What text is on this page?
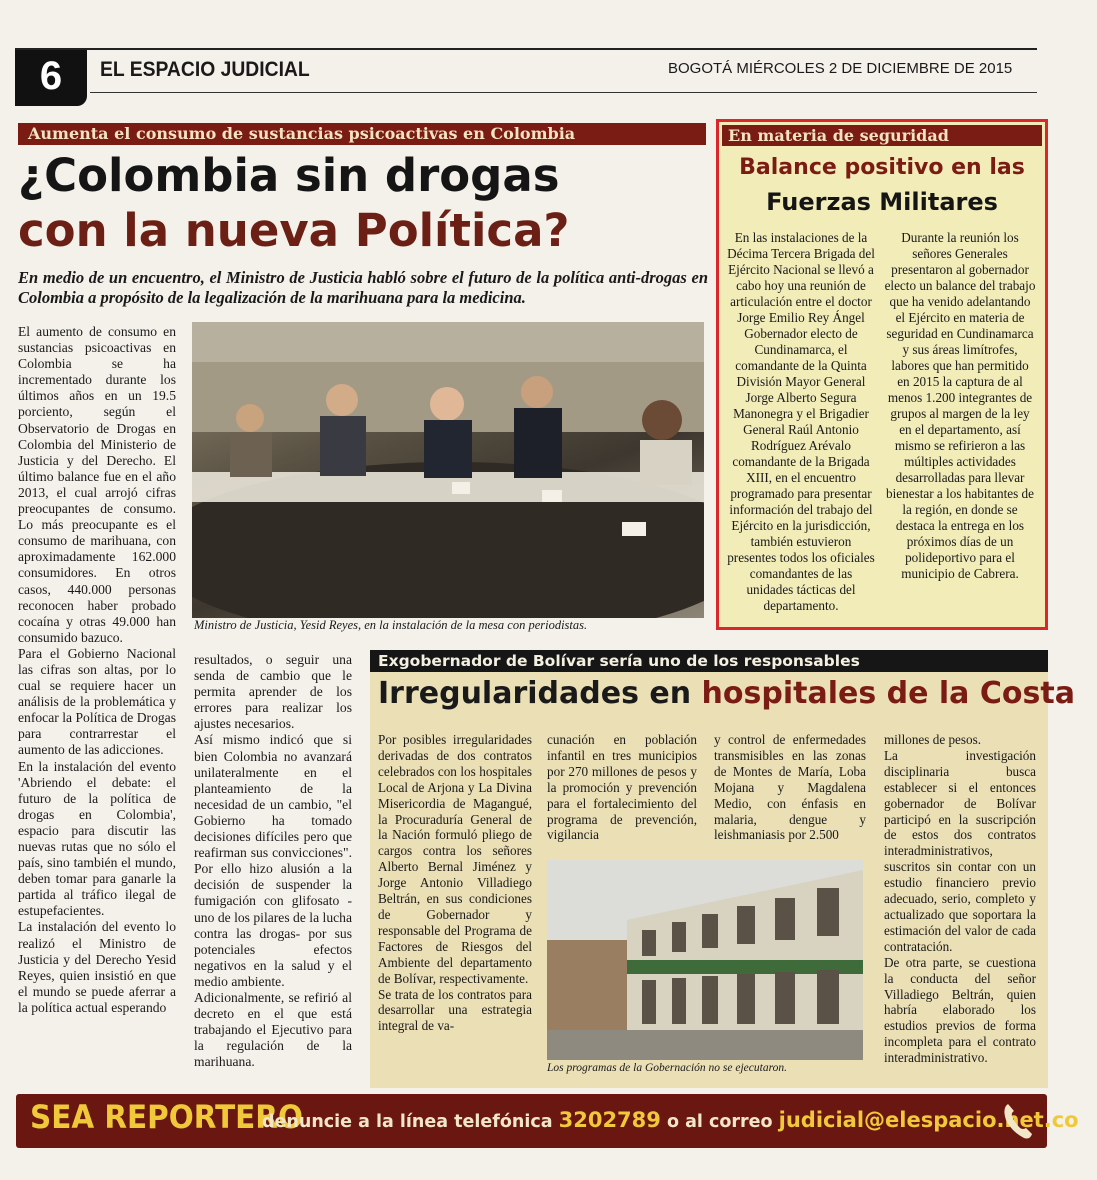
6	EL ESPACIO JUDICIAL	BOGOTÁ MIÉRCOLES 2 DE DICIEMBRE DE 2015
Aumenta el consumo de sustancias psicoactivas en Colombia
¿Colombia sin drogas
con la nueva Política?
En medio de un encuentro, el Ministro de Justicia habló sobre el futuro de la política anti-drogas en Colombia a propósito de la legalización de la marihuana para la medicina.

El aumento de consumo en sustancias psicoactivas en Colombia se ha incrementado durante los últimos años en un 19.5 porciento, según el Observatorio de Drogas en Colombia del Ministerio de Justicia y del Derecho. El último balance fue en el año 2013, el cual arrojó cifras preocupantes de consumo. Lo más preocupante es el consumo de marihuana, con aproximadamente 162.000 consumidores. En otros casos, 440.000 personas reconocen haber probado cocaína y otras 49.000 han consumido bazuco.

Para el Gobierno Nacional las cifras son altas, por lo cual se requiere hacer un análisis de la problemática y enfocar la Política de Drogas para contrarrestar el aumento de las adicciones.

En la instalación del evento 'Abriendo el debate: el futuro de la política de drogas en Colombia', espacio para discutir las nuevas rutas que no sólo el país, sino también el mundo, deben tomar para ganarle la partida al tráfico ilegal de estupefacientes.

La instalación del evento lo realizó el Ministro de Justicia y del Derecho Yesid Reyes, quien insistió en que el mundo se puede aferrar a la política actual esperando

Ministro de Justicia, Yesid Reyes, en la instalación de la mesa con periodistas.

resultados, o seguir una senda de cambio que le permita aprender de los errores para realizar los ajustes necesarios.

Así mismo indicó que si bien Colombia no avanzará unilateralmente en el planteamiento de la necesidad de un cambio, "el Gobierno ha tomado decisiones difíciles pero que reafirman sus convicciones". Por ello hizo alusión a la decisión de suspender la fumigación con glifosato -uno de los pilares de la lucha contra las drogas- por sus potenciales efectos negativos en la salud y el medio ambiente.

Adicionalmente, se refirió al decreto en el que está trabajando el Ejecutivo para la regulación de la marihuana.

En materia de seguridad
Balance positivo en las
Fuerzas Militares
En las instalaciones de la Décima Tercera Brigada del Ejército Nacional se llevó a cabo hoy una reunión de articulación entre el doctor Jorge Emilio Rey Ángel Gobernador electo de Cundinamarca, el comandante de la Quinta División Mayor General Jorge Alberto Segura Manonegra y el Brigadier General Raúl Antonio Rodríguez Arévalo comandante de la Brigada XIII, en el encuentro programado para presentar información del trabajo del Ejército en la jurisdicción, también estuvieron presentes todos los oficiales comandantes de las unidades tácticas del departamento.
Durante la reunión los señores Generales presentaron al gobernador electo un balance del trabajo que ha venido adelantando el Ejército en materia de seguridad en Cundinamarca y sus áreas limítrofes, labores que han permitido en 2015 la captura de al menos 1.200 integrantes de grupos al margen de la ley en el departamento, así mismo se refirieron a las múltiples actividades desarrolladas para llevar bienestar a los habitantes de la región, en donde se destaca la entrega en los próximos días de un polideportivo para el municipio de Cabrera.
Exgobernador de Bolívar sería uno de los responsables
Irregularidades en hospitales de la Costa

Por posibles irregularidades derivadas de dos contratos celebrados con los hospitales Local de Arjona y La Divina Misericordia de Magangué, la Procuraduría General de la Nación formuló pliego de cargos contra los señores Alberto Bernal Jiménez y Jorge Antonio Villadiego Beltrán, en sus condiciones de Gobernador y responsable del Programa de Factores de Riesgos del Ambiente del departamento de Bolívar, respectivamente.

Se trata de los contratos para desarrollar una estrategia integral de va-

cunación en población infantil en tres municipios por 270 millones de pesos y la promoción y prevención para el fortalecimiento del programa de prevención, vigilancia
y control de enfermedades transmisibles en las zonas de Montes de María, Loba Mojana y Magdalena Medio, con énfasis en malaria, dengue y leishmaniasis por 2.500

millones de pesos.

La investigación disciplinaria busca establecer si el entonces gobernador de Bolívar participó en la suscripción de estos dos contratos interadministrativos, suscritos sin contar con un estudio financiero previo adecuado, serio, completo y actualizado que soportara la estimación del valor de cada contratación.

De otra parte, se cuestiona la conducta del señor Villadiego Beltrán, quien habría elaborado los estudios previos de forma incompleta para el contrato interadministrativo.

Los programas de la Gobernación no se ejecutaron.
SEA REPORTERO
denuncie a la línea telefónica 3202789 o al correo judicial@elespacio.net.co
